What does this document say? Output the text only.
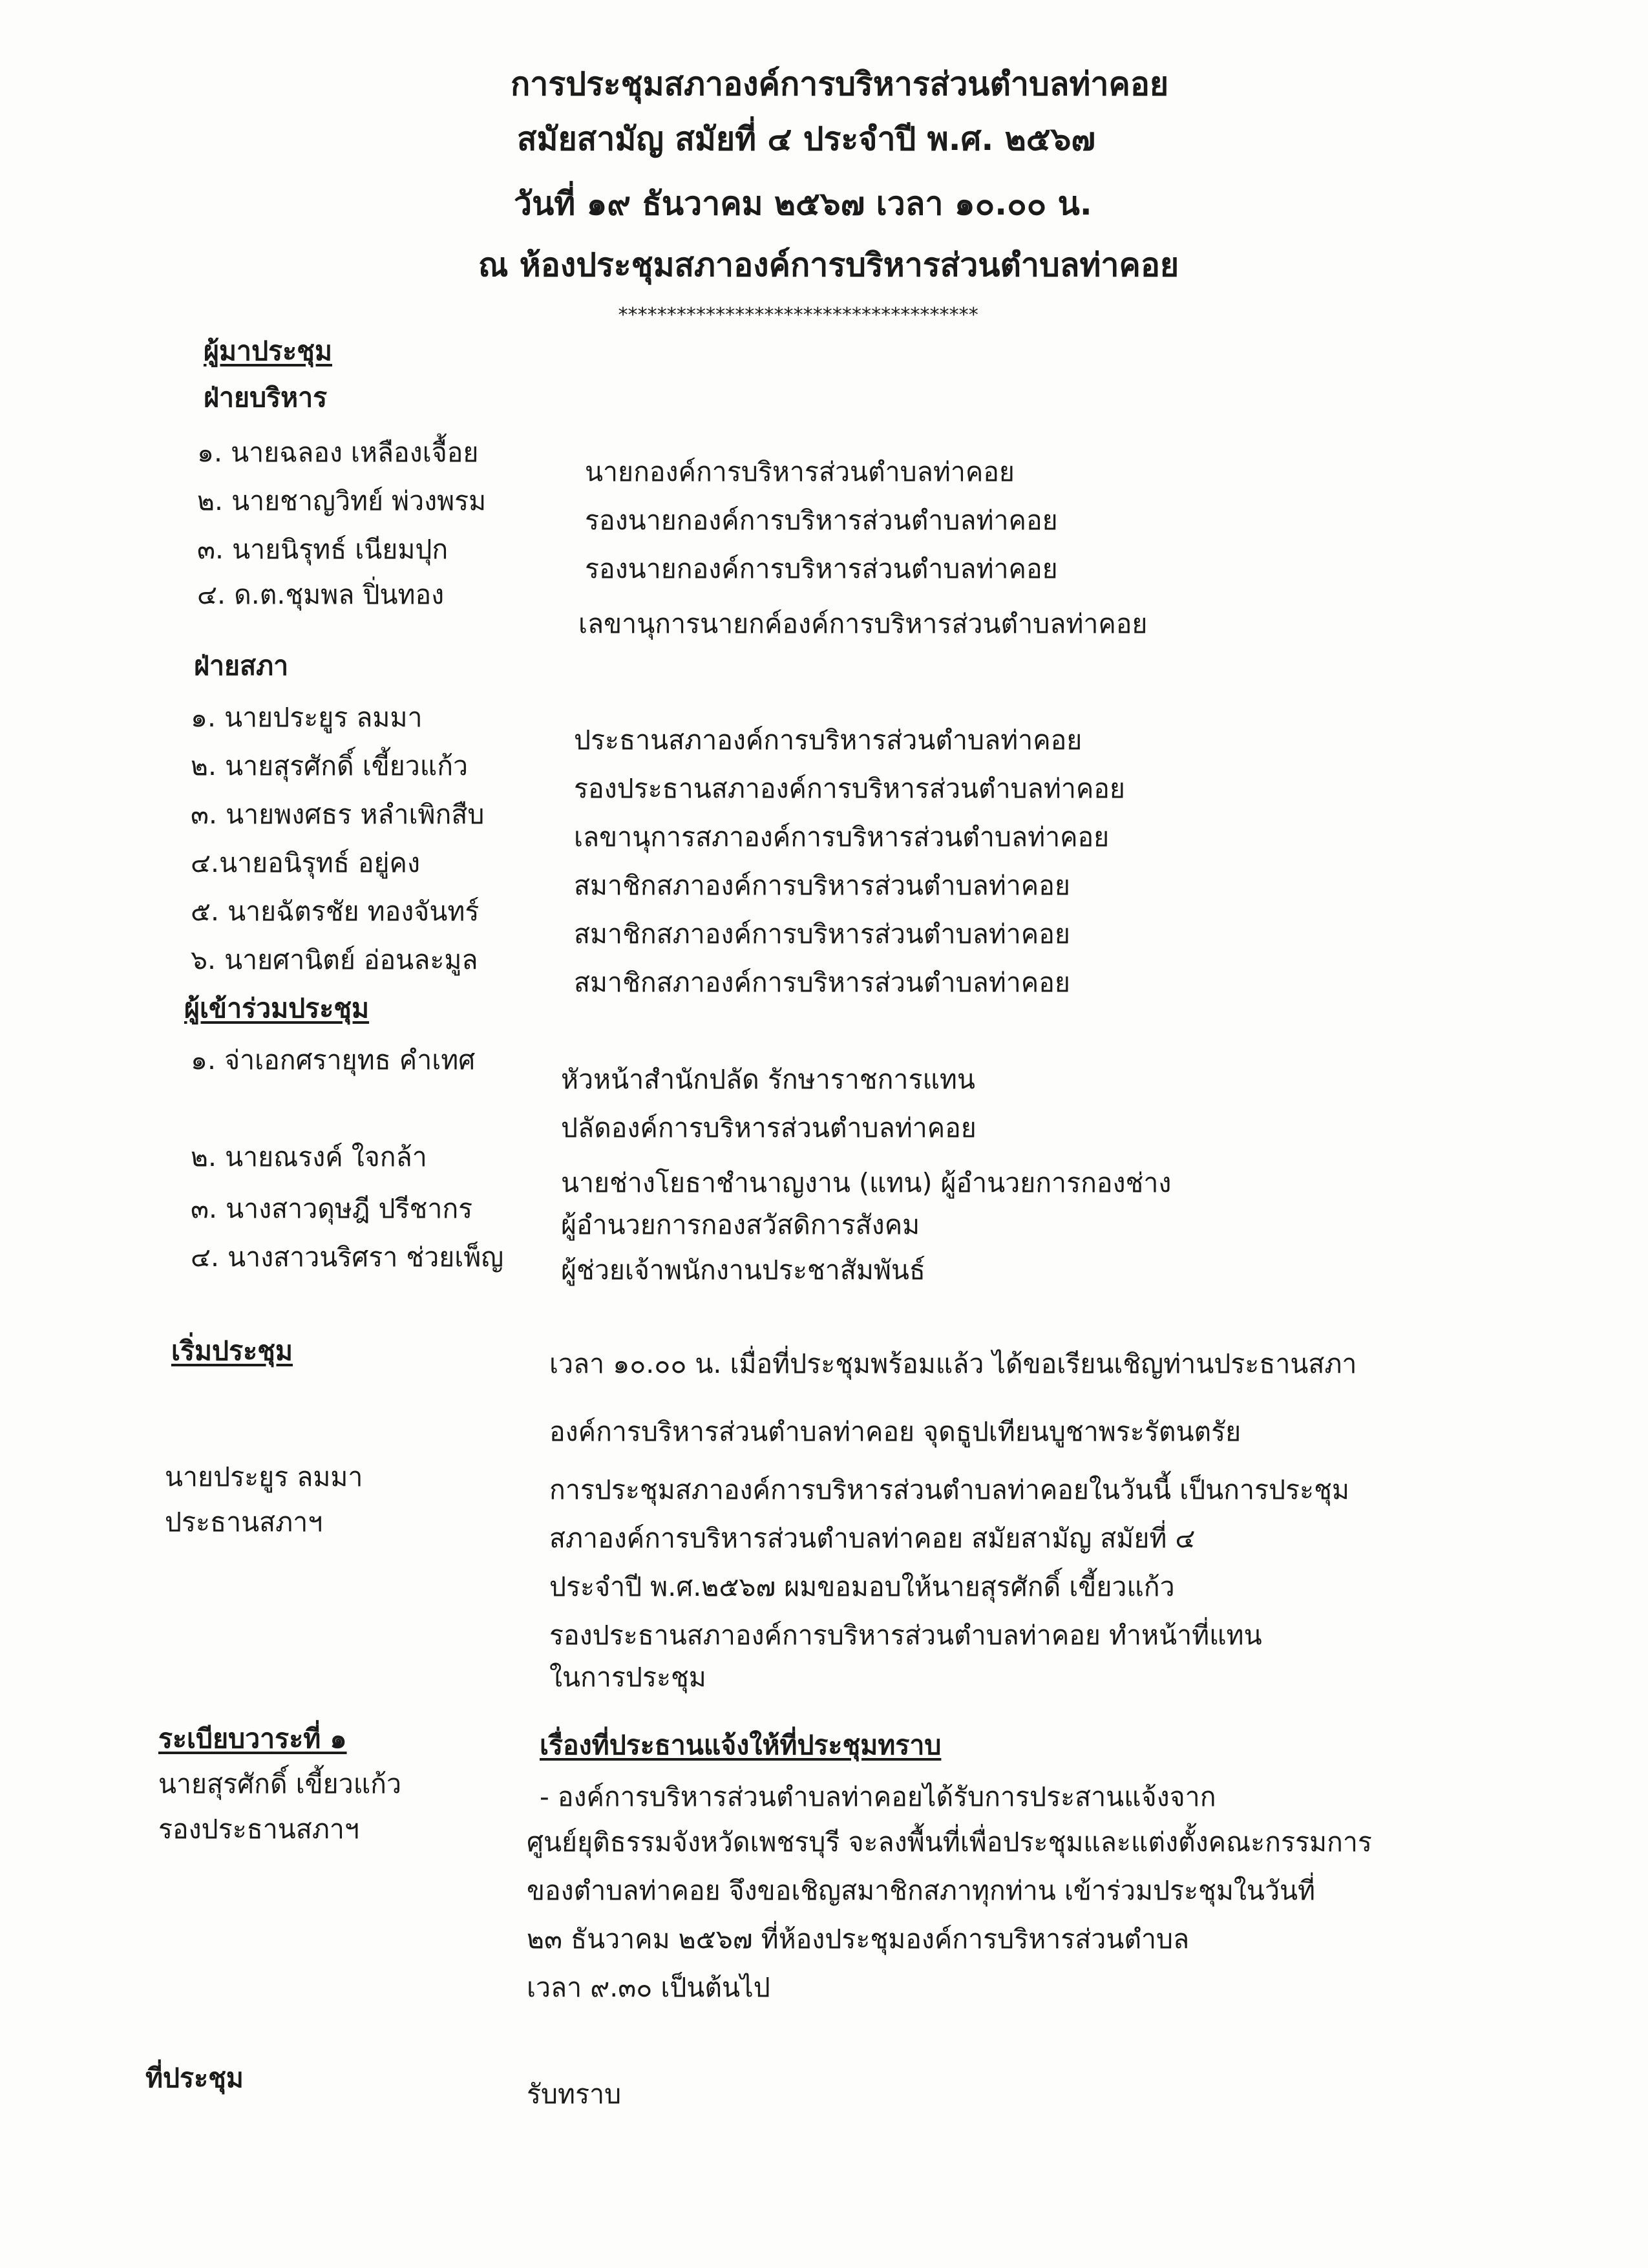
การประชุมสภาองค์การบริหารส่วนตำบลท่าคอย
สมัยสามัญ สมัยที่ ๔ ประจำปี พ.ศ. ๒๕๖๗
วันที่ ๑๙ ธันวาคม ๒๕๖๗ เวลา ๑๐.๐๐ น.
ณ ห้องประชุมสภาองค์การบริหารส่วนตำบลท่าคอย
*************************************
ผู้มาประชุม
ฝ่ายบริหาร
๑. นายฉลอง เหลืองเจื้อย
นายกองค์การบริหารส่วนตำบลท่าคอย
๒. นายชาญวิทย์ พ่วงพรม
รองนายกองค์การบริหารส่วนตำบลท่าคอย
๓. นายนิรุทธ์ เนียมปุก
รองนายกองค์การบริหารส่วนตำบลท่าคอย
๔. ด.ต.ชุมพล ปิ่นทอง
เลขานุการนายกค์องค์การบริหารส่วนตำบลท่าคอย
ฝ่ายสภา
๑. นายประยูร ลมมา
ประธานสภาองค์การบริหารส่วนตำบลท่าคอย
๒. นายสุรศักดิ์ เขี้ยวแก้ว
รองประธานสภาองค์การบริหารส่วนตำบลท่าคอย
๓. นายพงศธร หลำเพิกสืบ
เลขานุการสภาองค์การบริหารส่วนตำบลท่าคอย
๔.นายอนิรุทธ์ อยู่คง
สมาชิกสภาองค์การบริหารส่วนตำบลท่าคอย
๕. นายฉัตรชัย ทองจันทร์
สมาชิกสภาองค์การบริหารส่วนตำบลท่าคอย
๖. นายศานิตย์ อ่อนละมูล
สมาชิกสภาองค์การบริหารส่วนตำบลท่าคอย
ผู้เข้าร่วมประชุม
๑. จ่าเอกศรายุทธ คำเทศ
หัวหน้าสำนักปลัด รักษาราชการแทน
ปลัดองค์การบริหารส่วนตำบลท่าคอย
๒. นายณรงค์ ใจกล้า
นายช่างโยธาชำนาญงาน (แทน) ผู้อำนวยการกองช่าง
๓. นางสาวดุษฎี ปรีชากร
ผู้อำนวยการกองสวัสดิการสังคม
๔. นางสาวนริศรา ช่วยเพ็ญ ผู้ช่วยเจ้าพนักงานประชาสัมพันธ์
เริ่มประชุม	เวลา ๑๐.๐๐ น. เมื่อที่ประชุมพร้อมแล้ว ได้ขอเรียนเชิญท่านประธานสภา
องค์การบริหารส่วนตำบลท่าคอย จุดธูปเทียนบูชาพระรัตนตรัย
นายประยูร ลมมา
ประธานสภาฯ
การประชุมสภาองค์การบริหารส่วนตำบลท่าคอยในวันนี้ เป็นการประชุม
สภาองค์การบริหารส่วนตำบลท่าคอย สมัยสามัญ สมัยที่ ๔
ประจำปี พ.ศ.๒๕๖๗ ผมขอมอบให้นายสุรศักดิ์ เขี้ยวแก้ว
รองประธานสภาองค์การบริหารส่วนตำบลท่าคอย ทำหน้าที่แทน
ในการประชุม
ระเบียบวาระที่ ๑
นายสุรศักดิ์ เขี้ยวแก้ว
รองประธานสภาฯ
เรื่องที่ประธานแจ้งให้ที่ประชุมทราบ
- องค์การบริหารส่วนตำบลท่าคอยได้รับการประสานแจ้งจาก
ศูนย์ยุติธรรมจังหวัดเพชรบุรี จะลงพื้นที่เพื่อประชุมและแต่งตั้งคณะกรรมการ
ของตำบลท่าคอย จึงขอเชิญสมาชิกสภาทุกท่าน เข้าร่วมประชุมในวันที่
๒๓ ธันวาคม ๒๕๖๗ ที่ห้องประชุมองค์การบริหารส่วนตำบล
เวลา ๙.๓๐ เป็นต้นไป
ที่ประชุม
รับทราบ
